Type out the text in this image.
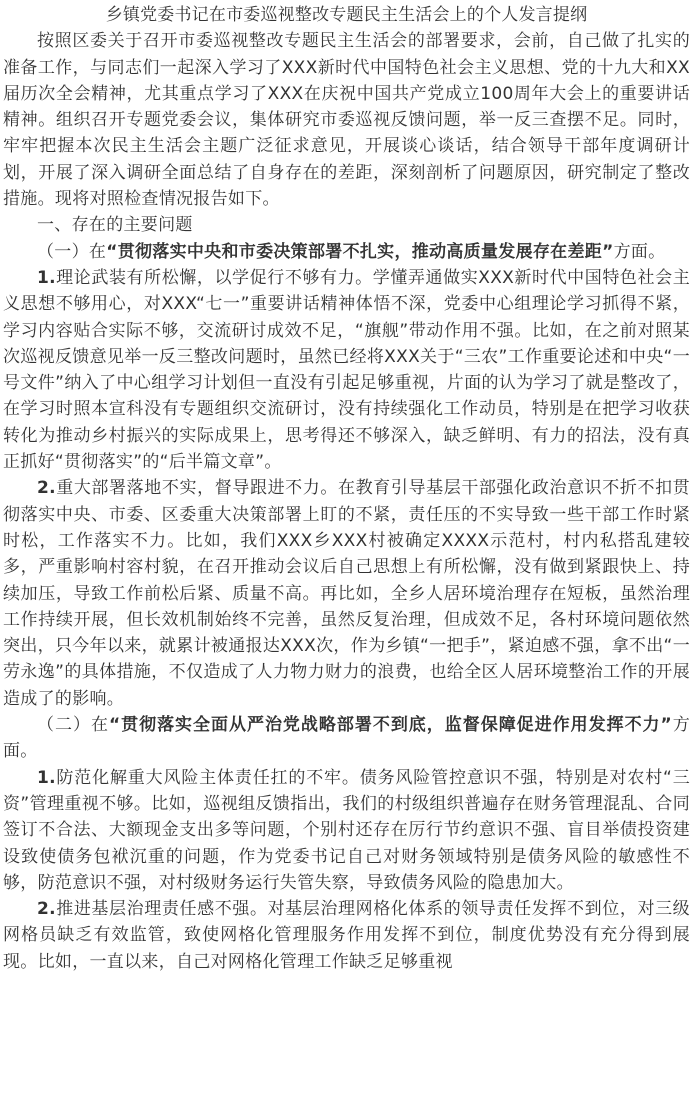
乡镇党委书记在市委巡视整改专题民主生活会上的个人发言提纲

按照区委关于召开市委巡视整改专题民主生活会的部署要求，会前，自己做了扎实的准备工作，与同志们一起深入学习了XXX新时代中国特色社会主义思想、党的十九大和XX届历次全会精神，尤其重点学习了XXX在庆祝中国共产党成立100周年大会上的重要讲话精神。组织召开专题党委会议，集体研究市委巡视反馈问题，举一反三查摆不足。同时，牢牢把握本次民主生活会主题广泛征求意见，开展谈心谈话，结合领导干部年度调研计划，开展了深入调研全面总结了自身存在的差距，深刻剖析了问题原因，研究制定了整改措施。现将对照检查情况报告如下。

一、存在的主要问题

（一）在“贯彻落实中央和市委决策部署不扎实，推动高质量发展存在差距”方面。

1.理论武装有所松懈，以学促行不够有力。学懂弄通做实XXX新时代中国特色社会主义思想不够用心，对XXX“七一”重要讲话精神体悟不深，党委中心组理论学习抓得不紧，学习内容贴合实际不够，交流研讨成效不足，“旗舰”带动作用不强。比如，在之前对照某次巡视反馈意见举一反三整改问题时，虽然已经将XXX关于“三农”工作重要论述和中央“一号文件”纳入了中心组学习计划但一直没有引起足够重视，片面的认为学习了就是整改了，在学习时照本宣科没有专题组织交流研讨，没有持续强化工作动员，特别是在把学习收获转化为推动乡村振兴的实际成果上，思考得还不够深入，缺乏鲜明、有力的招法，没有真正抓好“贯彻落实”的“后半篇文章”。

2.重大部署落地不实，督导跟进不力。在教育引导基层干部强化政治意识不折不扣贯彻落实中央、市委、区委重大决策部署上盯的不紧，责任压的不实导致一些干部工作时紧时松，工作落实不力。比如，我们XXX乡XXX村被确定XXXX示范村，村内私搭乱建较多，严重影响村容村貌，在召开推动会议后自己思想上有所松懈，没有做到紧跟快上、持续加压，导致工作前松后紧、质量不高。再比如，全乡人居环境治理存在短板，虽然治理工作持续开展，但长效机制始终不完善，虽然反复治理，但成效不足，各村环境问题依然突出，只今年以来，就累计被通报达XXX次，作为乡镇“一把手”，紧迫感不强，拿不出“一劳永逸”的具体措施，不仅造成了人力物力财力的浪费，也给全区人居环境整治工作的开展造成了的影响。

（二）在“贯彻落实全面从严治党战略部署不到底，监督保障促进作用发挥不力”方面。

1.防范化解重大风险主体责任扛的不牢。债务风险管控意识不强，特别是对农村“三资”管理重视不够。比如，巡视组反馈指出，我们的村级组织普遍存在财务管理混乱、合同签订不合法、大额现金支出多等问题，个别村还存在厉行节约意识不强、盲目举债投资建设致使债务包袱沉重的问题，作为党委书记自己对财务领域特别是债务风险的敏感性不够，防范意识不强，对村级财务运行失管失察，导致债务风险的隐患加大。

2.推进基层治理责任感不强。对基层治理网格化体系的领导责任发挥不到位，对三级网格员缺乏有效监管，致使网格化管理服务作用发挥不到位，制度优势没有充分得到展现。比如，一直以来，自己对网格化管理工作缺乏足够重视
